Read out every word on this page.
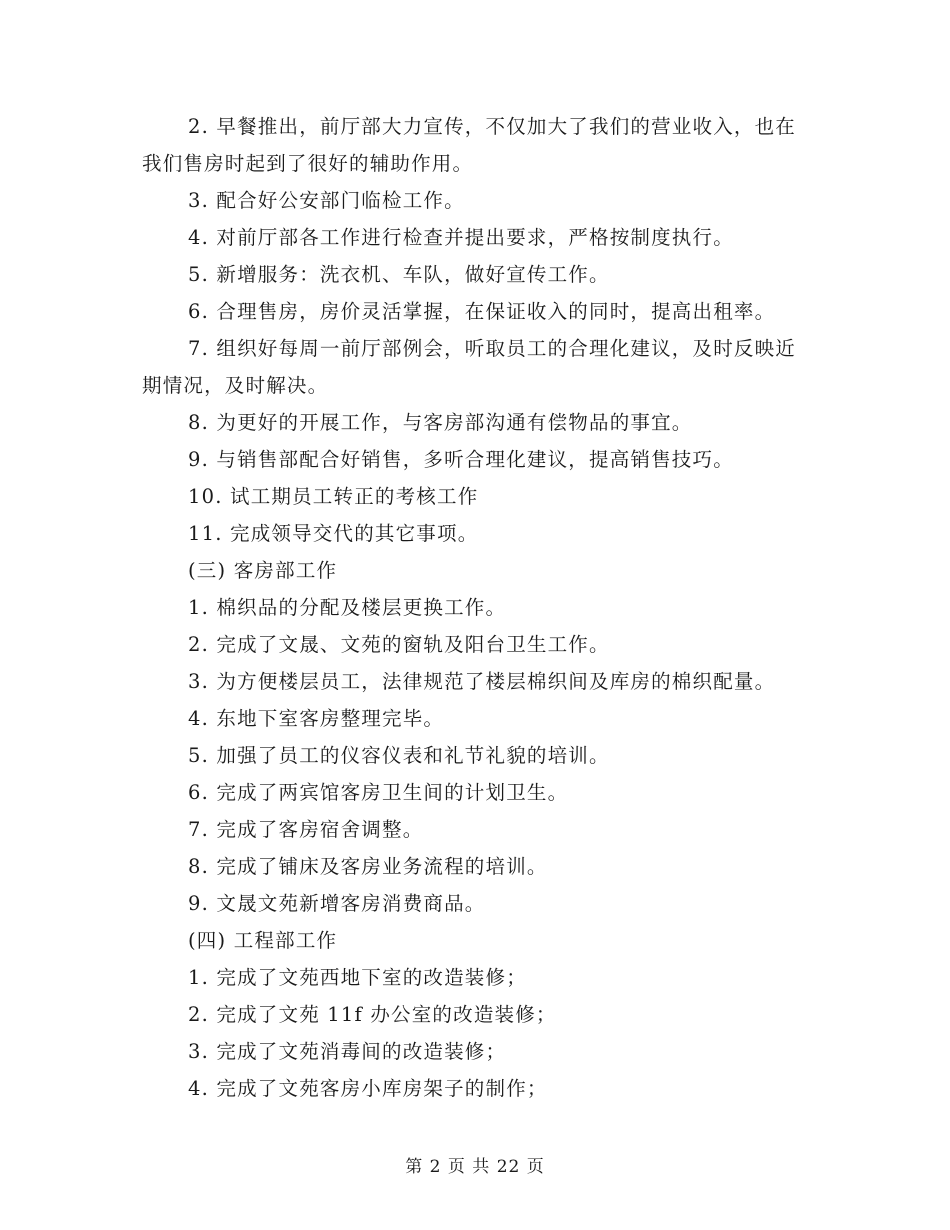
2. 早餐推出，前厅部大力宣传，不仅加大了我们的营业收入，也在我们售房时起到了很好的辅助作用。

3. 配合好公安部门临检工作。

4. 对前厅部各工作进行检查并提出要求，严格按制度执行。

5. 新增服务：洗衣机、车队，做好宣传工作。

6. 合理售房，房价灵活掌握，在保证收入的同时，提高出租率。

7. 组织好每周一前厅部例会，听取员工的合理化建议，及时反映近期情况，及时解决。

8. 为更好的开展工作，与客房部沟通有偿物品的事宜。

9. 与销售部配合好销售，多听合理化建议，提高销售技巧。

10. 试工期员工转正的考核工作

11. 完成领导交代的其它事项。

(三) 客房部工作

1. 棉织品的分配及楼层更换工作。

2. 完成了文晟、文苑的窗轨及阳台卫生工作。

3. 为方便楼层员工，法律规范了楼层棉织间及库房的棉织配量。

4. 东地下室客房整理完毕。

5. 加强了员工的仪容仪表和礼节礼貌的培训。

6. 完成了两宾馆客房卫生间的计划卫生。

7. 完成了客房宿舍调整。

8. 完成了铺床及客房业务流程的培训。

9. 文晟文苑新增客房消费商品。

(四) 工程部工作

1. 完成了文苑西地下室的改造装修；

2. 完成了文苑 11f 办公室的改造装修；

3. 完成了文苑消毒间的改造装修；

4. 完成了文苑客房小库房架子的制作；

第 2 页 共 22 页
